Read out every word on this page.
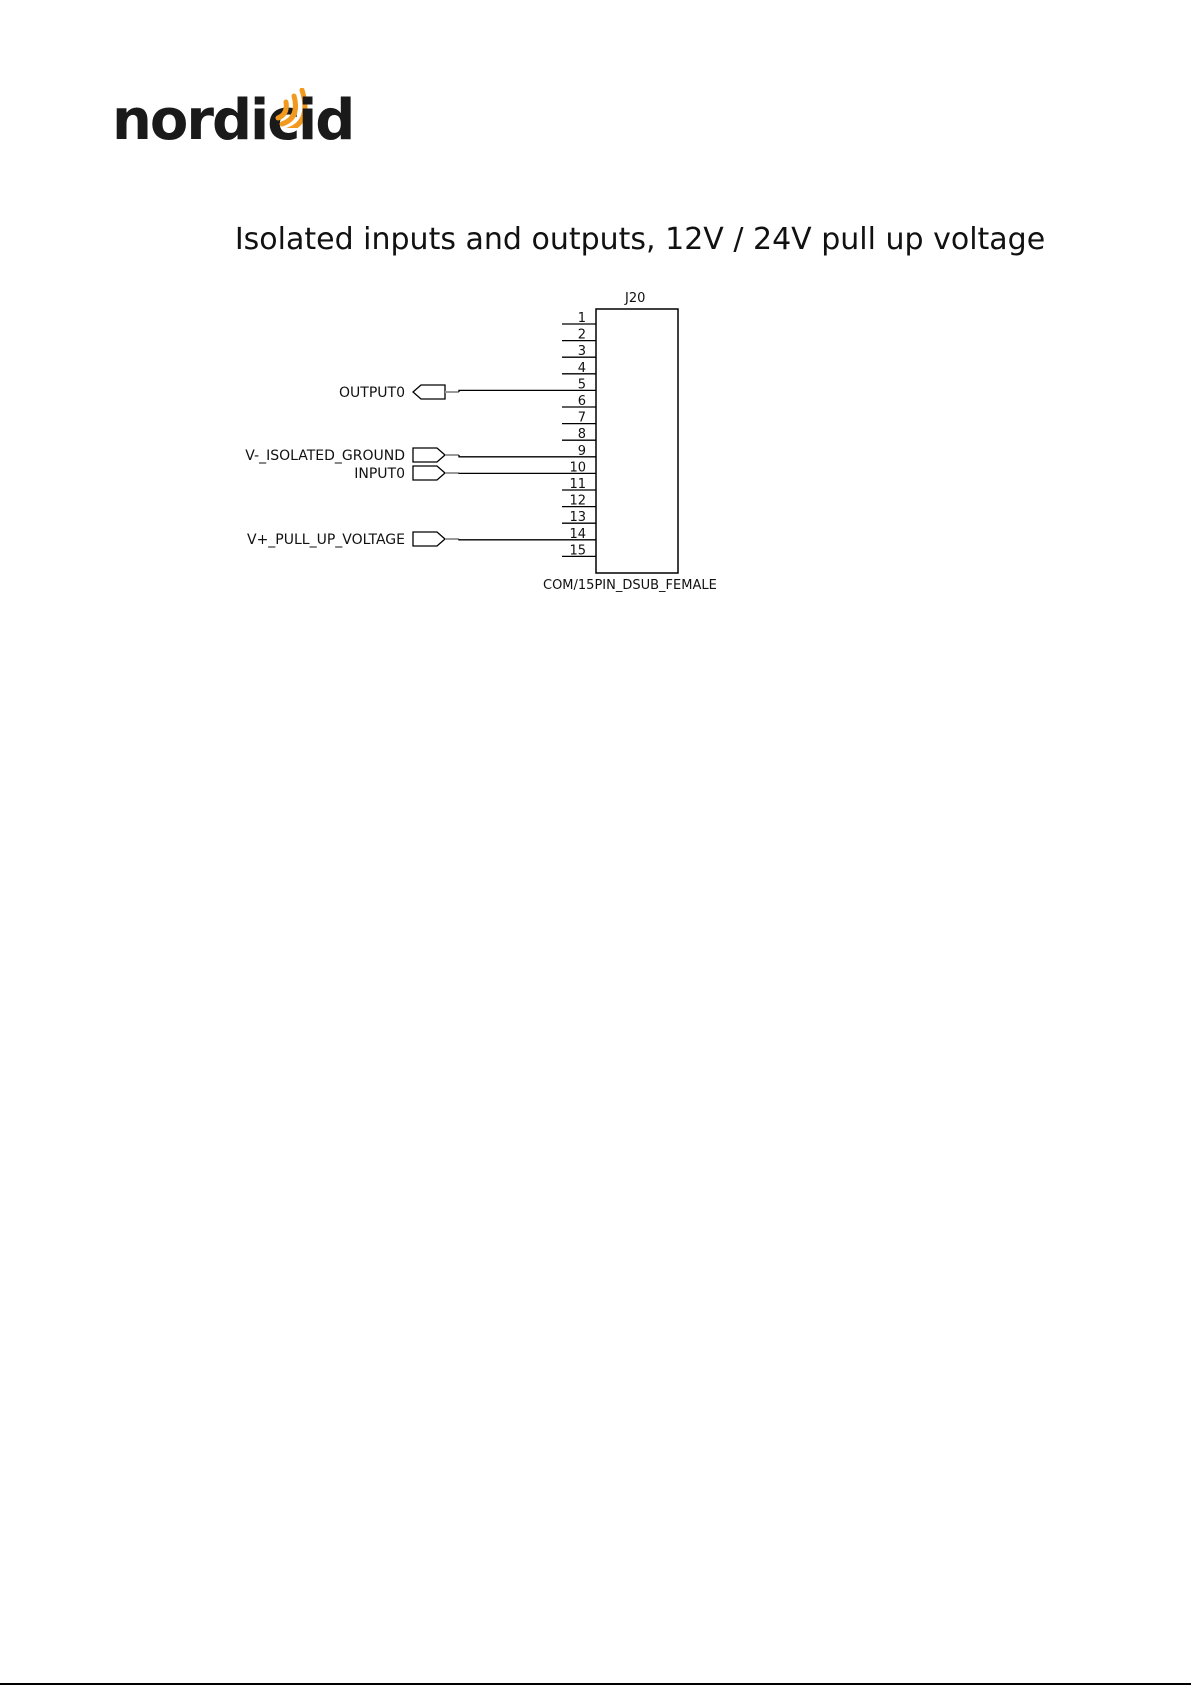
nordic id
Isolated inputs and outputs, 12V / 24V pull up voltage
J20
COM/15PIN_DSUB_FEMALE
1
2
3
4
5
6
7
8
9
10
11
12
13
14
15
OUTPUT0
V-_ISOLATED_GROUND
INPUT0
V+_PULL_UP_VOLTAGE
